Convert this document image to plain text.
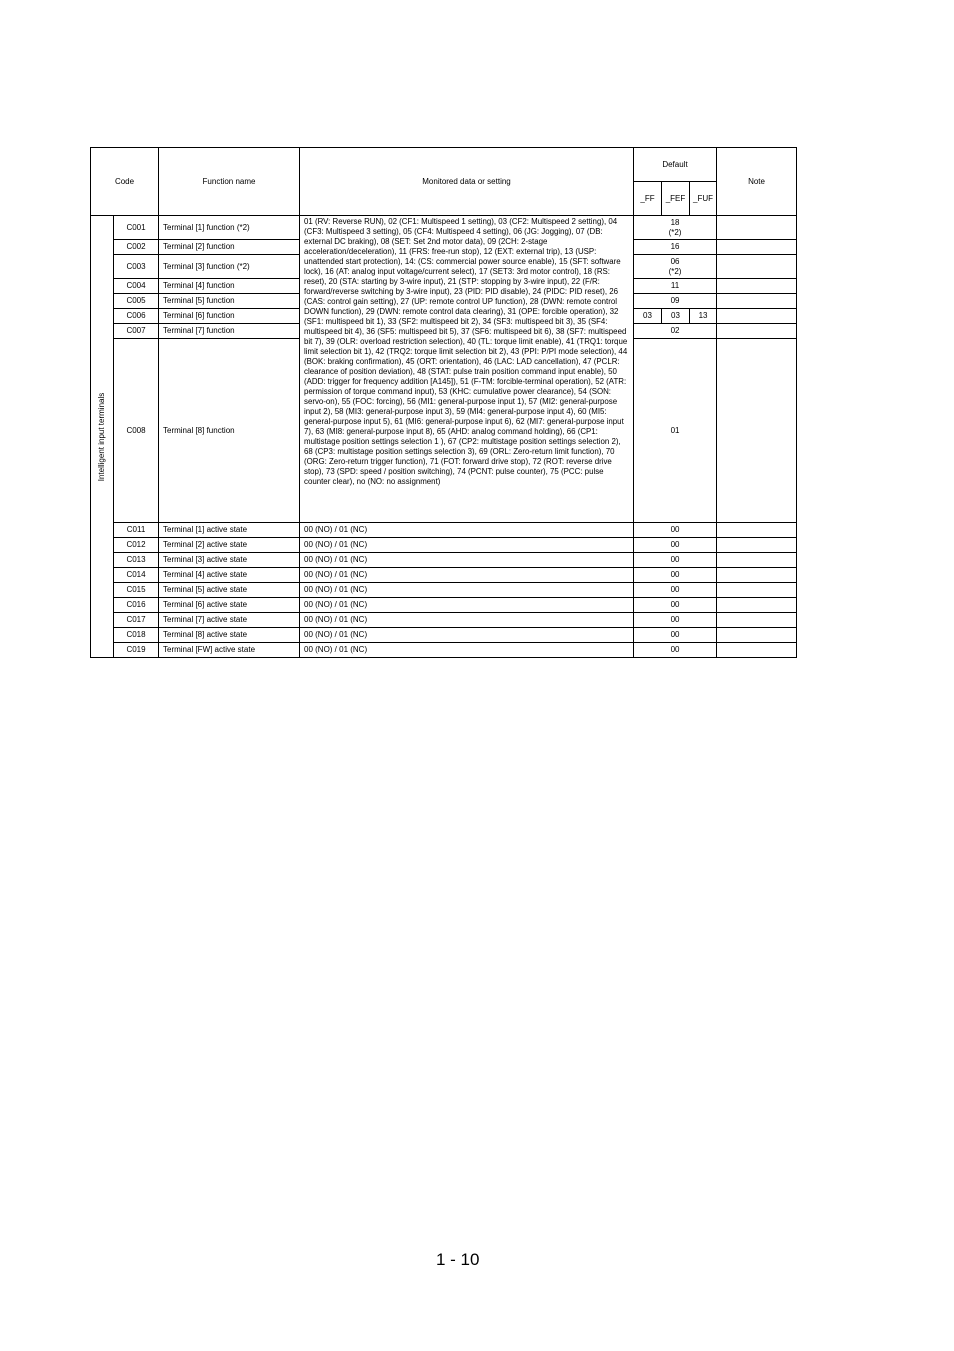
Code		Function name	Monitored data or setting	Default			Note
				_FF	_FEF	_FUF	

Intelligent input terminals	C001	Terminal [1] function (*2)	01 (RV: Reverse RUN), 02 (CF1: Multispeed 1 setting), 03 (CF2: Multispeed 2 setting), 04 (CF3: Multispeed 3 setting), 05 (CF4: Multispeed 4 setting), 06 (JG: Jogging), 07 (DB: external DC braking), 08 (SET: Set 2nd motor data), 09 (2CH: 2-stage acceleration/deceleration), 11 (FRS: free-run stop), 12 (EXT: external trip), 13 (USP: unattended start protection), 14: (CS: commercial power source enable), 15 (SFT: software lock), 16 (AT: analog input voltage/current select), 17 (SET3: 3rd motor control), 18 (RS: reset), 20 (STA: starting by 3-wire input), 21 (STP: stopping by 3-wire input), 22 (F/R: forward/reverse switching by 3-wire input), 23 (PID: PID disable), 24 (PIDC: PID reset), 26 (CAS: control gain setting), 27 (UP: remote control UP function), 28 (DWN: remote control DOWN function), 29 (DWN: remote control data clearing), 31 (OPE: forcible operation), 32 (SF1: multispeed bit 1), 33 (SF2: multispeed bit 2), 34 (SF3: multispeed bit 3), 35 (SF4: multispeed bit 4), 36 (SF5: multispeed bit 5), 37 (SF6: multispeed bit 6), 38 (SF7: multispeed bit 7), 39 (OLR: overload restriction selection), 40 (TL: torque limit enable), 41 (TRQ1: torque limit selection bit 1), 42 (TRQ2: torque limit selection bit 2), 43 (PPI: P/PI mode selection), 44 (BOK: braking confirmation), 45 (ORT: orientation), 46 (LAC: LAD cancellation), 47 (PCLR: clearance of position deviation), 48 (STAT: pulse train position command input enable), 50 (ADD: trigger for frequency addition [A145]), 51 (F-TM: forcible-terminal operation), 52 (ATR: permission of torque command input), 53 (KHC: cumulative power clearance), 54 (SON: servo-on), 55 (FOC: forcing), 56 (MI1: general-purpose input 1), 57 (MI2: general-purpose input 2), 58 (MI3: general-purpose input 3), 59 (MI4: general-purpose input 4), 60 (MI5: general-purpose input 5), 61 (MI6: general-purpose input 6), 62 (MI7: general-purpose input 7), 63 (MI8: general-purpose input 8), 65 (AHD: analog command holding), 66 (CP1: multistage position settings selection 1 ), 67 (CP2: multistage position settings selection 2), 68 (CP3: multistage position settings selection 3), 69 (ORL: Zero-return limit function), 70 (ORG: Zero-return trigger function), 71 (FOT: forward drive stop), 72 (ROT: reverse drive stop), 73 (SPD: speed / position switching), 74 (PCNT: pulse counter), 75 (PCC: pulse counter clear), no (NO: no assignment)	18
(*2)			

	C002	Terminal [2] function		16			
	C003	Terminal [3] function (*2)		06
(*2)			

	C004	Terminal [4] function		11			
	C005	Terminal [5] function		09			
	C006	Terminal [6] function		03	03	13	
	C007	Terminal [7] function		02			
	C008	Terminal [8] function		01			
	C011	Terminal [1] active state	00 (NO) / 01 (NC)	00			
	C012	Terminal [2] active state	00 (NO) / 01 (NC)	00			
	C013	Terminal [3] active state	00 (NO) / 01 (NC)	00			
	C014	Terminal [4] active state	00 (NO) / 01 (NC)	00			
	C015	Terminal [5] active state	00 (NO) / 01 (NC)	00			
	C016	Terminal [6] active state	00 (NO) / 01 (NC)	00			
	C017	Terminal [7] active state	00 (NO) / 01 (NC)	00			
	C018	Terminal [8] active state	00 (NO) / 01 (NC)	00			
	C019	Terminal [FW] active state	00 (NO) / 01 (NC)	00			
1 - 10
